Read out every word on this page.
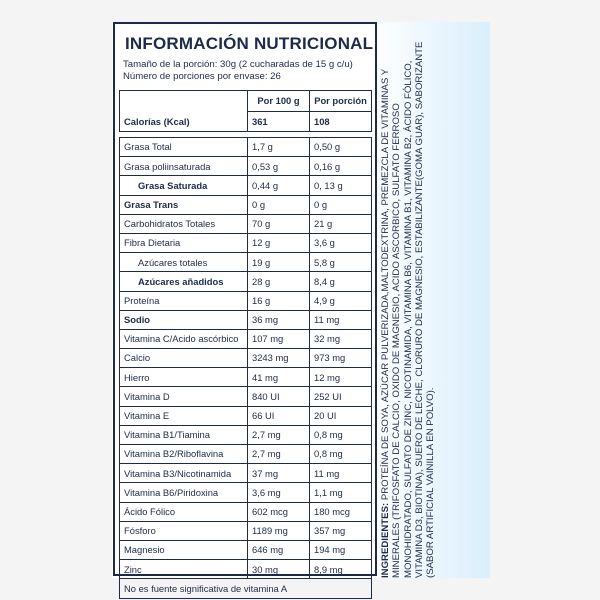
INFORMACIÓN NUTRICIONAL
Tamaño de la porción: 30g (2 cucharadas de 15 g c/u)
Número de porciones por envase: 26
	Por 100 g	Por porción
Calorías (Kcal)	361	108

Grasa Total	1,7 g	0,50 g
Grasa poliinsaturada	0,53 g	0,16 g
Grasa Saturada	0,44 g	0, 13 g
Grasa Trans	0 g	0 g
Carbohidratos Totales	70 g	21 g
Fibra Dietaria	12 g	3,6 g
Azúcares totales	19 g	5,8 g
Azúcares añadidos	28 g	8,4 g
Proteína	16 g	4,9 g
Sodio	36 mg	11 mg
Vitamina C/Acido ascórbico	107 mg	32 mg
Calcio	3243 mg	973 mg
Hierro	41 mg	12 mg
Vitamina D	840 UI	252 UI
Vitamina E	66 UI	20 UI
Vitamina B1/Tiamina	2,7 mg	0,8 mg
Vitamina B2/Riboflavina	2,7 mg	0,8 mg
Vitamina B3/Nicotinamida	37 mg	11 mg
Vitamina B6/Piridoxina	3,6 mg	1,1 mg
Ácido Fólico	602 mcg	180 mcg
Fósforo	1189 mg	357 mg
Magnesio	646 mg	194 mg
Zinc	30 mg	8,9 mg
No es fuente significativa de vitamina A		
INGREDIENTES: PROTEÍNA DE SOYA, AZÚCAR PULVERIZADA,MALTODEXTRINA, PREMEZCLA DE VITAMINAS Y MINERALES (TRIFOSFATO DE CALCIO, OXIDO DE MAGNESIO, ACIDO ASCORBICO, SULFATO FERROSO MONOHIDRATADO, SULFATO DE ZINC, NICOTINAMIDA, VITAMINA B6, VITAMINA B1, VITAMINA B2, ÁCIDO FÓLICO, VITAMINA D3, BIOTINA), SUERO DE LECHE, CLORURO DE MAGNESIO, ESTABILIZANTE(GOMA GUAR), SABORIZANTE (SABOR ARTIFICIAL VAINILLA EN POLVO).
